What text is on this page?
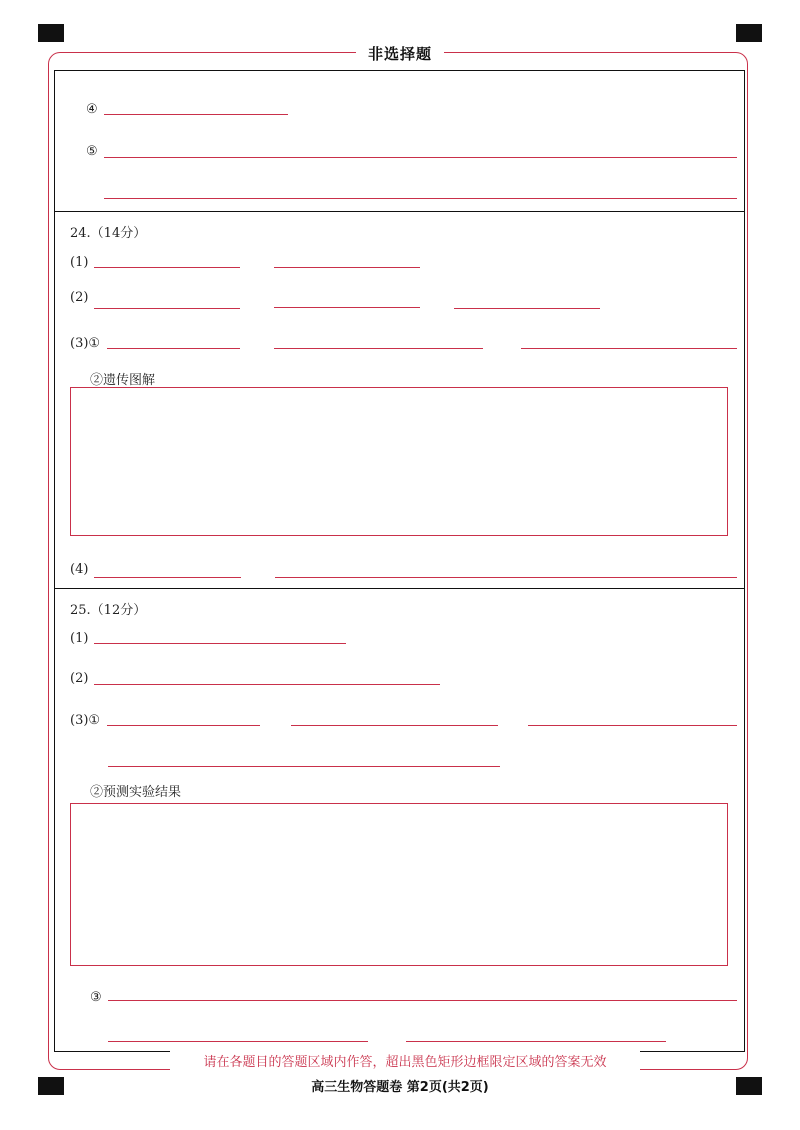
非选择题
④
⑤
24.（14分）
(1)
(2)
(3)①
②遗传图解
(4)
25.（12分）
(1)
(2)
(3)①
②预测实验结果
③
请在各题目的答题区域内作答，超出黑色矩形边框限定区域的答案无效
高三生物答题卷 第2页(共2页)
